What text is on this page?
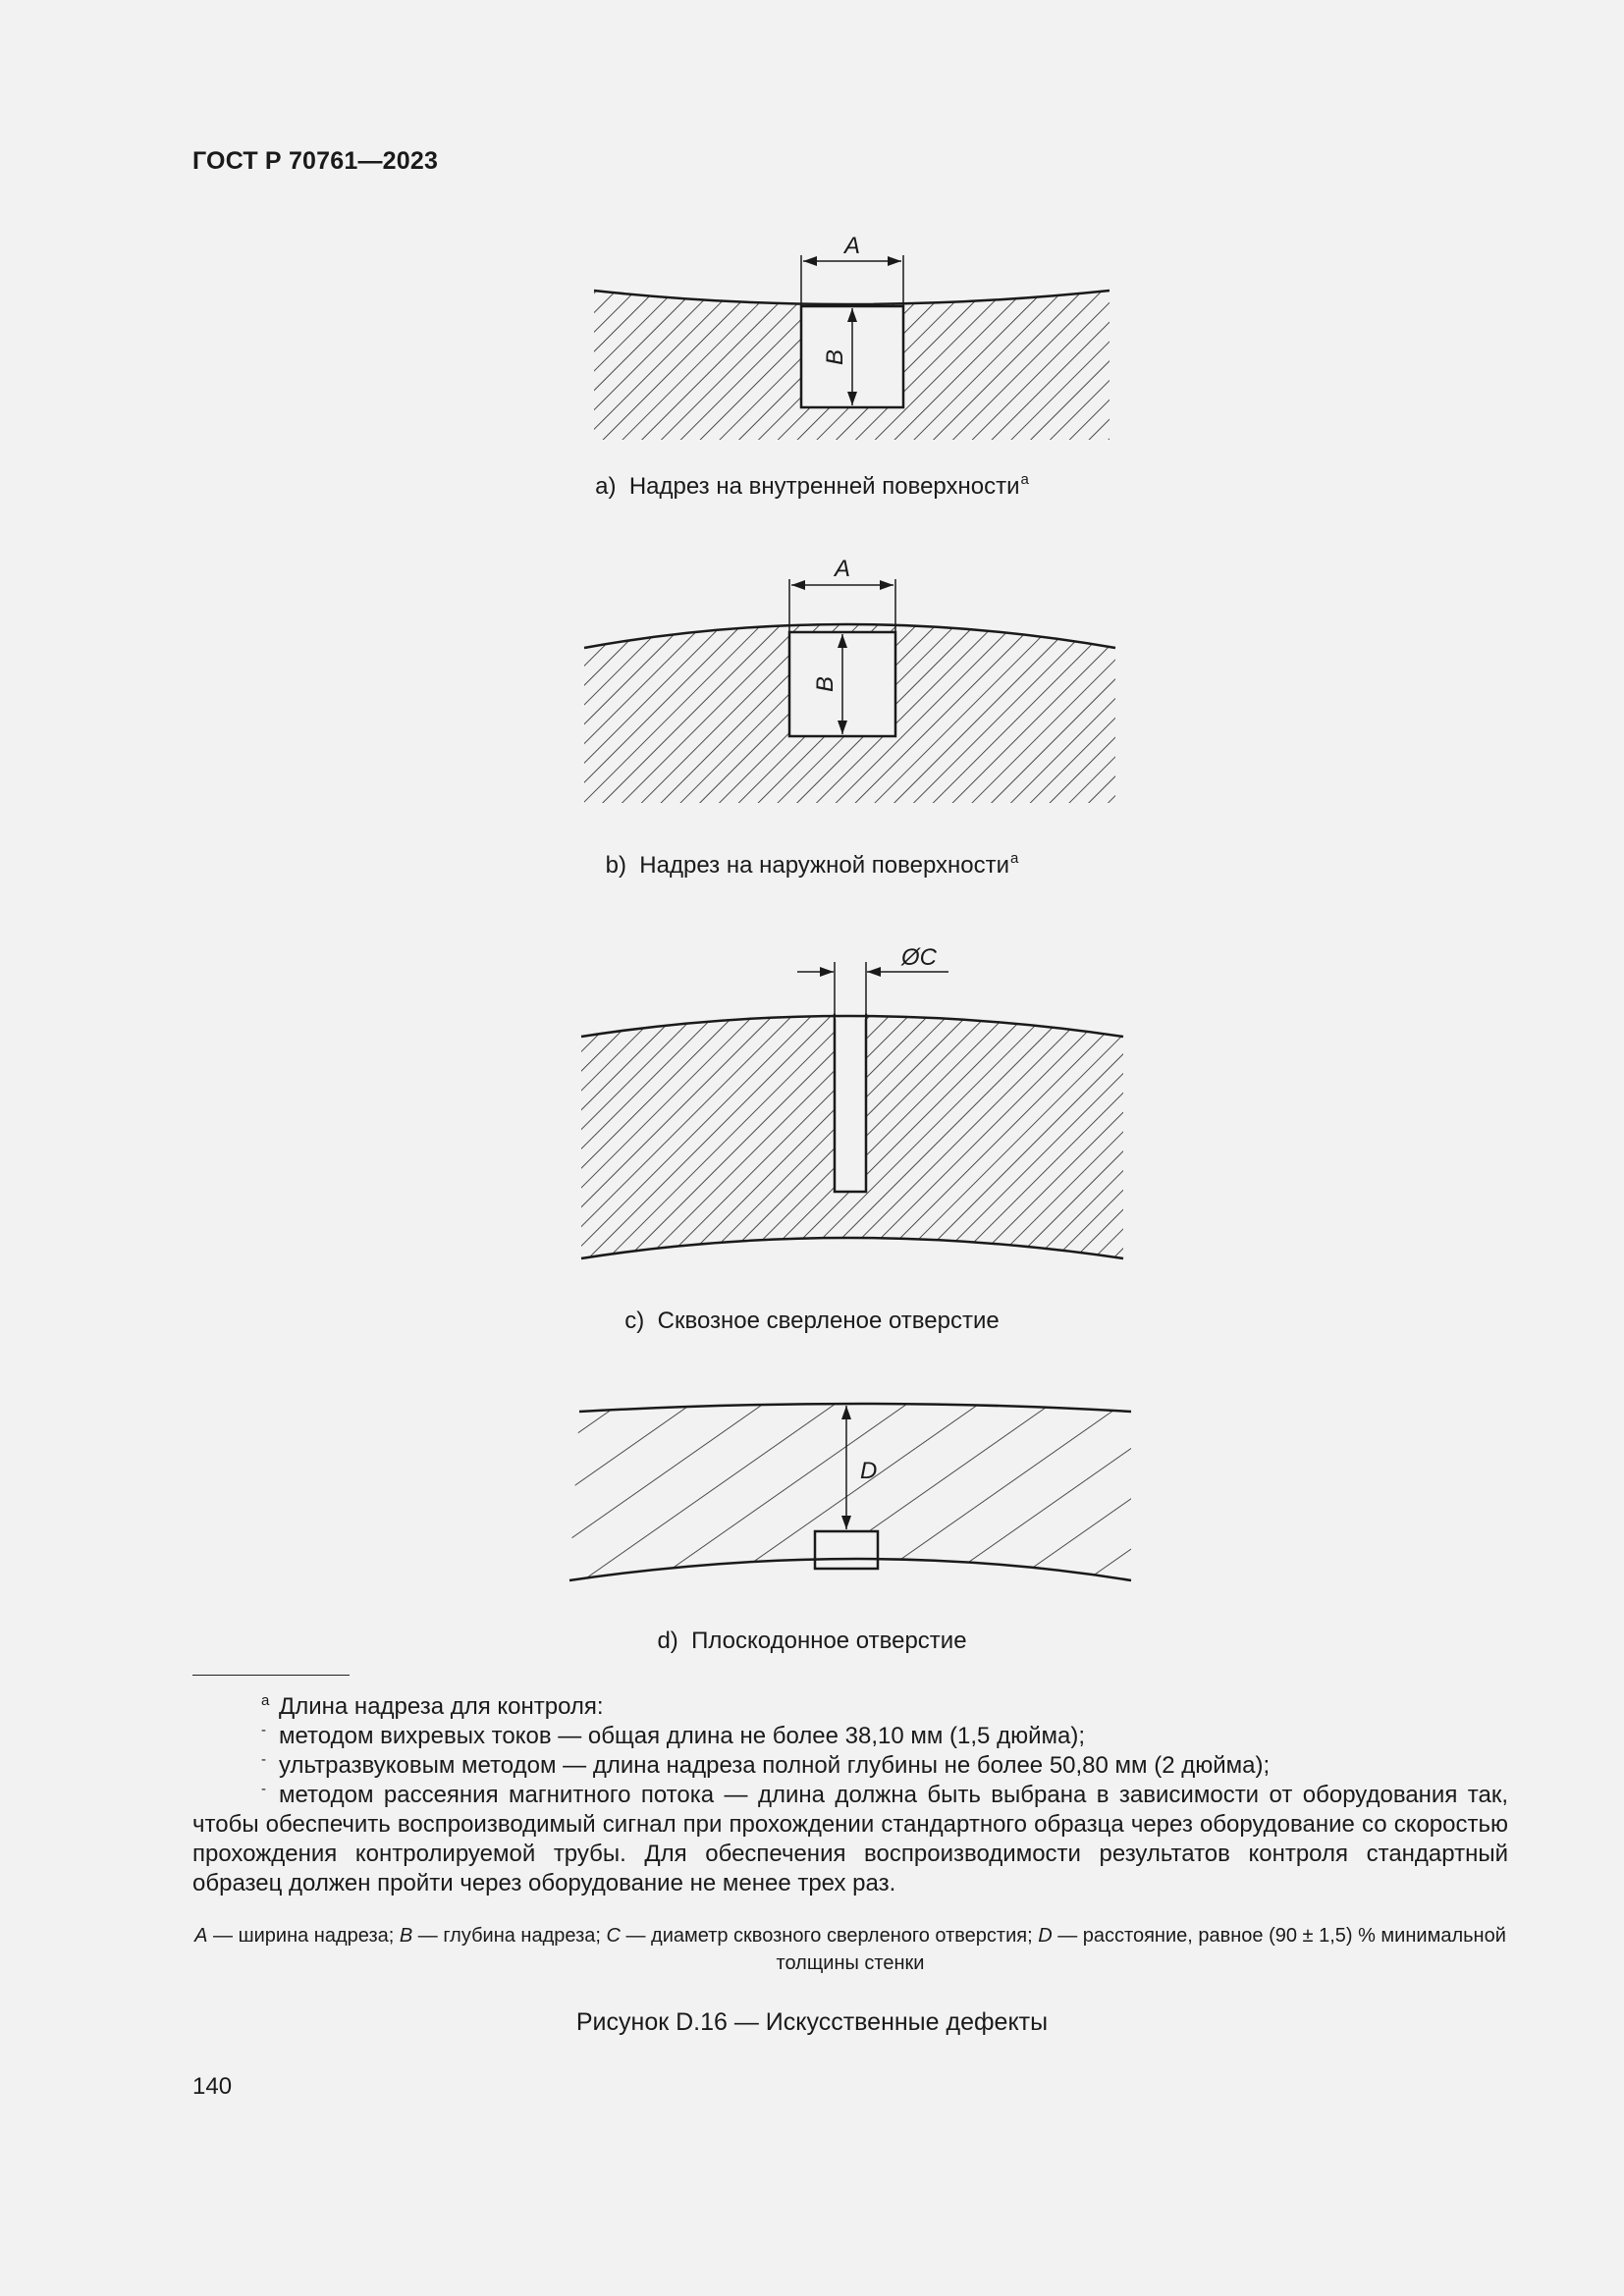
ГОСТ Р 70761—2023
A
B
a) Надрез на внутренней поверхности$^a$
A
B
b) Надрез на наружной поверхности$^a$
ØC
c) Сквозное сверленое отверстие
D
d) Плоскодонное отверстие
a Длина надреза для контроля:
- методом вихревых токов — общая длина не более 38,10 мм (1,5 дюйма);
- ультразвуковым методом — длина надреза полной глубины не более 50,80 мм (2 дюйма);
- методом рассеяния магнитного потока — длина должна быть выбрана в зависимости от оборудования так, чтобы обеспечить воспроизводимый сигнал при прохождении стандартного образца через оборудование со скоростью прохождения контролируемой трубы. Для обеспечения воспроизводимости результатов контроля стандартный образец должен пройти через оборудование не менее трех раз.
A — ширина надреза; B — глубина надреза; C — диаметр сквозного сверленого отверстия; D — расстояние, равное (90 ± 1,5) % минимальной толщины стенки
Рисунок D.16 — Искусственные дефекты
140
